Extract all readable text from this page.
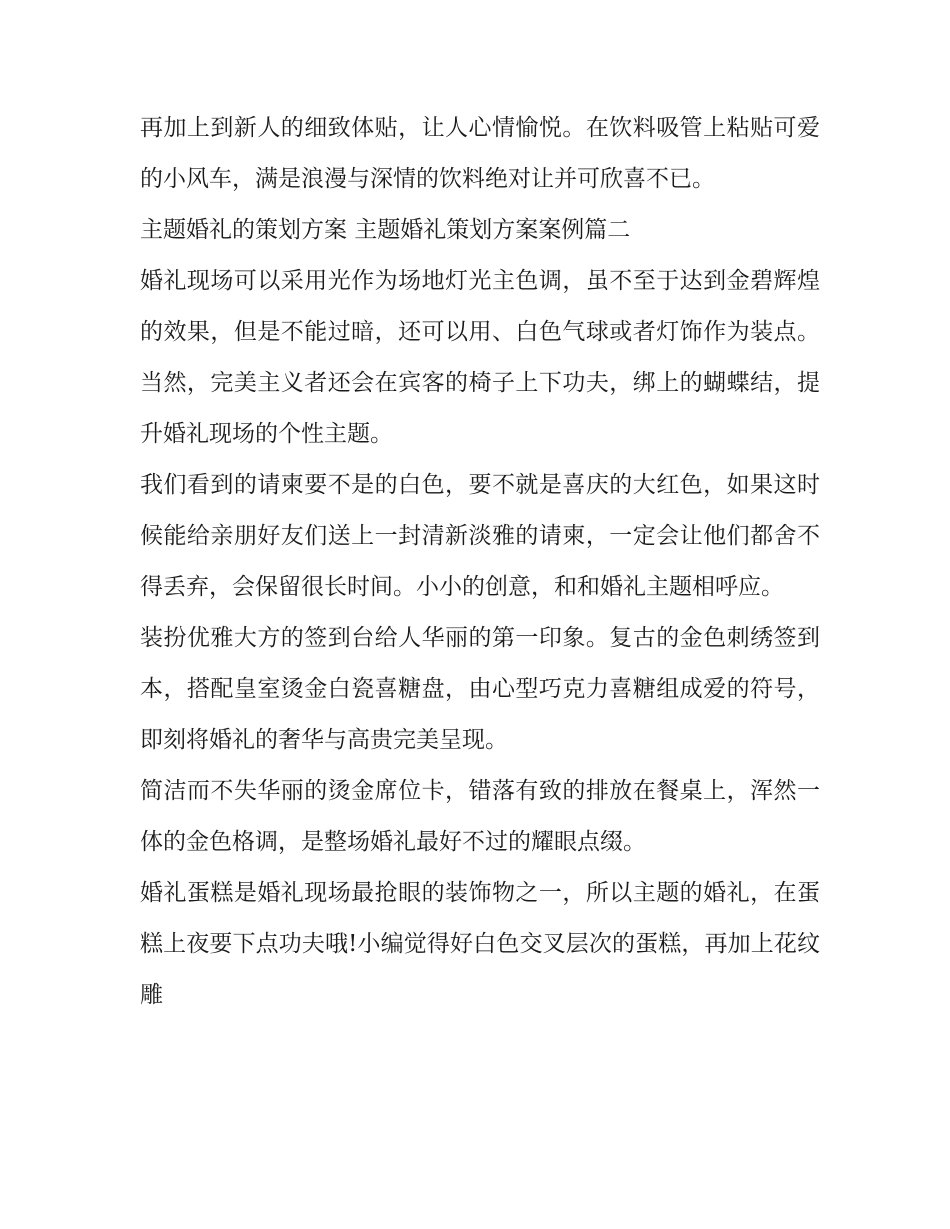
再加上到新人的细致体贴，让人心情愉悦。在饮料吸管上粘贴可爱的小风车，满是浪漫与深情的饮料绝对让并可欣喜不已。

主题婚礼的策划方案 主题婚礼策划方案案例篇二

婚礼现场可以采用光作为场地灯光主色调，虽不至于达到金碧辉煌的效果，但是不能过暗，还可以用、白色气球或者灯饰作为装点。当然，完美主义者还会在宾客的椅子上下功夫，绑上的蝴蝶结，提升婚礼现场的个性主题。

我们看到的请柬要不是的白色，要不就是喜庆的大红色，如果这时候能给亲朋好友们送上一封清新淡雅的请柬，一定会让他们都舍不得丢弃，会保留很长时间。小小的创意，和和婚礼主题相呼应。

装扮优雅大方的签到台给人华丽的第一印象。复古的金色刺绣签到本，搭配皇室烫金白瓷喜糖盘，由心型巧克力喜糖组成爱的符号，即刻将婚礼的奢华与高贵完美呈现。

简洁而不失华丽的烫金席位卡，错落有致的排放在餐桌上，浑然一体的金色格调，是整场婚礼最好不过的耀眼点缀。

婚礼蛋糕是婚礼现场最抢眼的装饰物之一，所以主题的婚礼，在蛋糕上夜要下点功夫哦!小编觉得好白色交叉层次的蛋糕，再加上花纹雕
